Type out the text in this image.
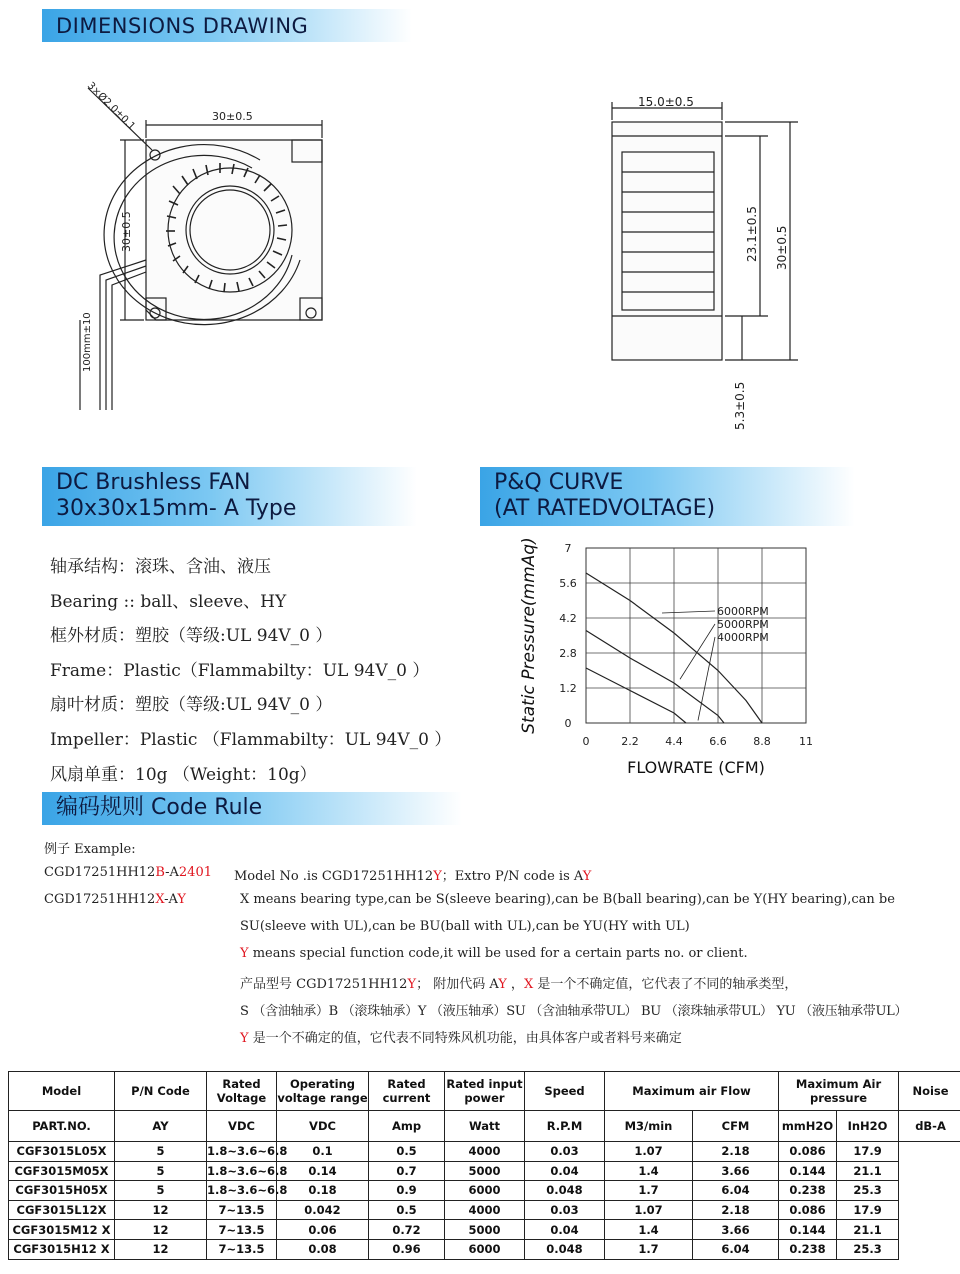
DIMENSIONS DRAWING
30±0.5
30±0.5
3×Ø2.0±0.1
100mm±10
15.0±0.5
23.1±0.5 30±0.5
5.3±0.5
DC Brushless FAN
30x30x15mm- A Type
P&Q CURVE
(AT RATEDVOLTAGE)
轴承结构：滚珠、含油、液压
Bearing :: ball、sleeve、HY
框外材质：塑胶（等级:UL 94V_0 ）
Frame：Plastic（Flammabilty：UL 94V_0 ）
扇叶材质：塑胶（等级:UL 94V_0 ）
Impeller：Plastic （Flammabilty：UL 94V_0 ）
风扇单重：10g （Weight：10g）
0	2.2 4.4 6.6 8.8	11
0
1.2
2.8
4.2
5.6
7
FLOWRATE (CFM)
Static Pressure(mmAq)	6000RPM
5000RPM
4000RPM
编码规则 Code Rule
例子 Example:
CGD17251HH12B-A2401
CGD17251HH12X-AY
Model No .is CGD17251HH12Y；Extro P/N code is AY
X means bearing type,can be S(sleeve bearing),can be B(ball bearing),can be Y(HY bearing),can be
SU(sleeve with UL),can be BU(ball with UL),can be YU(HY with UL)
Y means special function code,it will be used for a certain parts no. or client.
产品型号 CGD17251HH12Y； 附加代码 AY ，X 是一个不确定值，它代表了不同的轴承类型，
S （含油轴承）B （滚珠轴承）Y （液压轴承）SU （含油轴承带UL） BU （滚珠轴承带UL） YU （液压轴承带UL）
Y 是一个不确定的值，它代表不同特殊风机功能，由具体客户或者料号来确定
Model	P/N Code	Rated Voltage	Operating voltage range	Rated current	Rated input power	Speed	Maximum air Flow		Maximum Air pressure		Noise
PART.NO.	AY	VDC	VDC	Amp	Watt	R.P.M	M3/min	CFM	mmH2O	InH2O	dB-A
CGF3015L05X	5	1.8~3.6~6.8	0.1	0.5	4000	0.03	1.07	2.18	0.086	17.9	
CGF3015M05X	5	1.8~3.6~6.8	0.14	0.7	5000	0.04	1.4	3.66	0.144	21.1	
CGF3015H05X	5	1.8~3.6~6.8	0.18	0.9	6000	0.048	1.7	6.04	0.238	25.3	
CGF3015L12X	12	7~13.5	0.042	0.5	4000	0.03	1.07	2.18	0.086	17.9	
CGF3015M12 X	12	7~13.5	0.06	0.72	5000	0.04	1.4	3.66	0.144	21.1	
CGF3015H12 X	12	7~13.5	0.08	0.96	6000	0.048	1.7	6.04	0.238	25.3	
